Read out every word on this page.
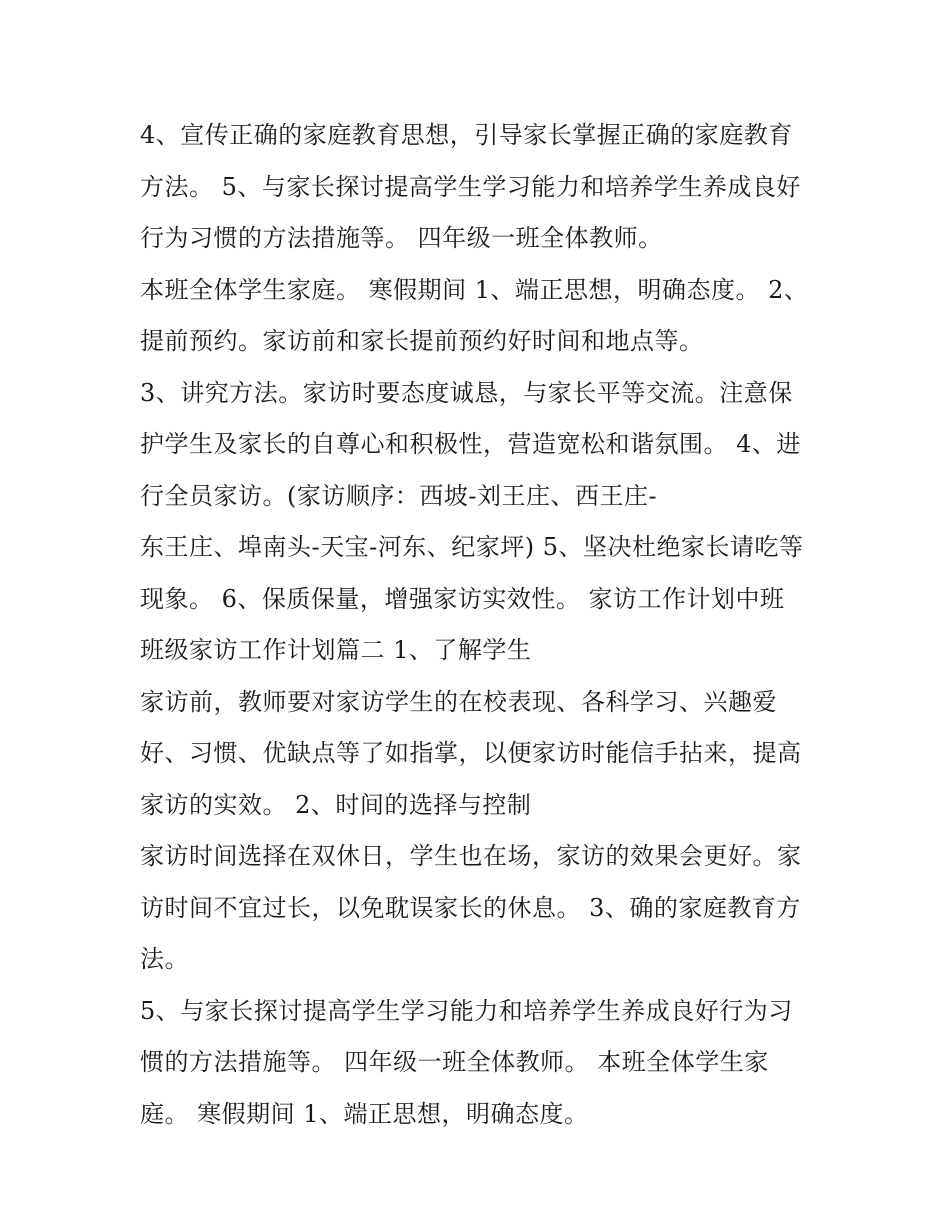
4、宣传正确的家庭教育思想，引导家长掌握正确的家庭教育
方法。 5、与家长探讨提高学生学习能力和培养学生养成良好
行为习惯的方法措施等。 四年级一班全体教师。
本班全体学生家庭。 寒假期间 1、端正思想，明确态度。 2、
提前预约。家访前和家长提前预约好时间和地点等。
3、讲究方法。家访时要态度诚恳，与家长平等交流。注意保
护学生及家长的自尊心和积极性，营造宽松和谐氛围。 4、进
行全员家访。(家访顺序：西坡-刘王庄、西王庄-
东王庄、埠南头-天宝-河东、纪家坪) 5、坚决杜绝家长请吃等
现象。 6、保质保量，增强家访实效性。 家访工作计划中班
班级家访工作计划篇二 1、了解学生
家访前，教师要对家访学生的在校表现、各科学习、兴趣爱
好、习惯、优缺点等了如指掌，以便家访时能信手拈来，提高
家访的实效。 2、时间的选择与控制
家访时间选择在双休日，学生也在场，家访的效果会更好。家
访时间不宜过长，以免耽误家长的休息。 3、确的家庭教育方
法。
5、与家长探讨提高学生学习能力和培养学生养成良好行为习
惯的方法措施等。 四年级一班全体教师。 本班全体学生家
庭。 寒假期间 1、端正思想，明确态度。
